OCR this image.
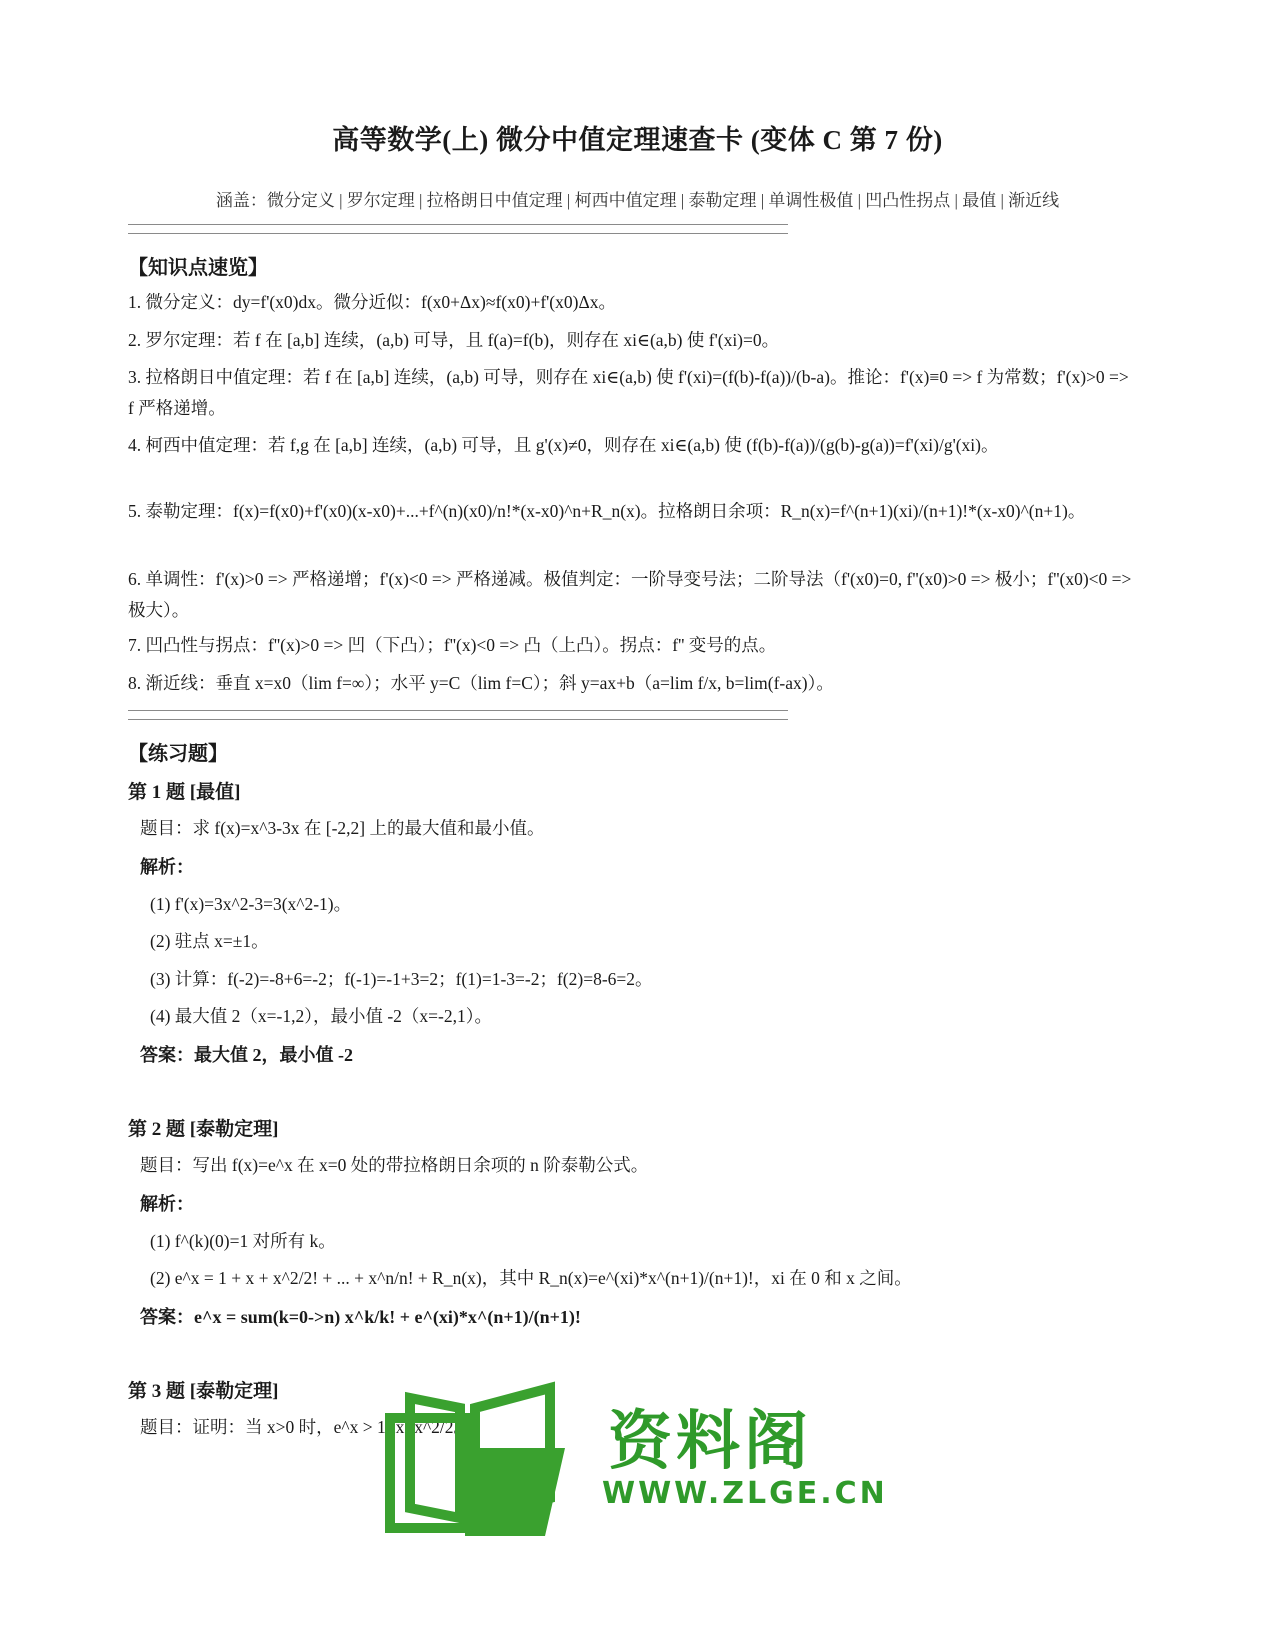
高等数学(上) 微分中值定理速查卡 (变体 C 第 7 份)
涵盖：微分定义 | 罗尔定理 | 拉格朗日中值定理 | 柯西中值定理 | 泰勒定理 | 单调性极值 | 凹凸性拐点 | 最值 | 渐近线
【知识点速览】
1. 微分定义：dy=f'(x0)dx。微分近似：f(x0+Δx)≈f(x0)+f'(x0)Δx。
2. 罗尔定理：若 f 在 [a,b] 连续，(a,b) 可导，且 f(a)=f(b)，则存在 xi∈(a,b) 使 f'(xi)=0。
3. 拉格朗日中值定理：若 f 在 [a,b] 连续，(a,b) 可导，则存在 xi∈(a,b) 使 f'(xi)=(f(b)-f(a))/(b-a)。推论：f'(x)≡0 => f 为常数；f'(x)>0 => f 严格递增。
4. 柯西中值定理：若 f,g 在 [a,b] 连续，(a,b) 可导，且 g'(x)≠0，则存在 xi∈(a,b) 使 (f(b)-f(a))/(g(b)-g(a))=f'(xi)/g'(xi)。
5. 泰勒定理：f(x)=f(x0)+f'(x0)(x-x0)+...+f^(n)(x0)/n!*(x-x0)^n+R_n(x)。拉格朗日余项：R_n(x)=f^(n+1)(xi)/(n+1)!*(x-x0)^(n+1)。
6. 单调性：f'(x)>0 => 严格递增；f'(x)<0 => 严格递减。极值判定：一阶导变号法；二阶导法（f'(x0)=0, f''(x0)>0 => 极小；f''(x0)<0 => 极大）。
7. 凹凸性与拐点：f''(x)>0 => 凹（下凸）；f''(x)<0 => 凸（上凸）。拐点：f'' 变号的点。
8. 渐近线：垂直 x=x0（lim f=∞）；水平 y=C（lim f=C）；斜 y=ax+b（a=lim f/x, b=lim(f-ax)）。
【练习题】
第 1 题 [最值]
题目：求 f(x)=x^3-3x 在 [-2,2] 上的最大值和最小值。
解析：
(1) f'(x)=3x^2-3=3(x^2-1)。
(2) 驻点 x=±1。
(3) 计算：f(-2)=-8+6=-2；f(-1)=-1+3=2；f(1)=1-3=-2；f(2)=8-6=2。
(4) 最大值 2（x=-1,2），最小值 -2（x=-2,1）。
答案：最大值 2，最小值 -2
第 2 题 [泰勒定理]
题目：写出 f(x)=e^x 在 x=0 处的带拉格朗日余项的 n 阶泰勒公式。
解析：
(1) f^(k)(0)=1 对所有 k。
(2) e^x = 1 + x + x^2/2! + ... + x^n/n! + R_n(x)，其中 R_n(x)=e^(xi)*x^(n+1)/(n+1)!，xi 在 0 和 x 之间。
答案：e^x = sum(k=0->n) x^k/k! + e^(xi)*x^(n+1)/(n+1)!
第 3 题 [泰勒定理]
题目：证明：当 x>0 时，e^x > 1+x+x^2/2。 资料阁
WWW.ZLGE.CN
